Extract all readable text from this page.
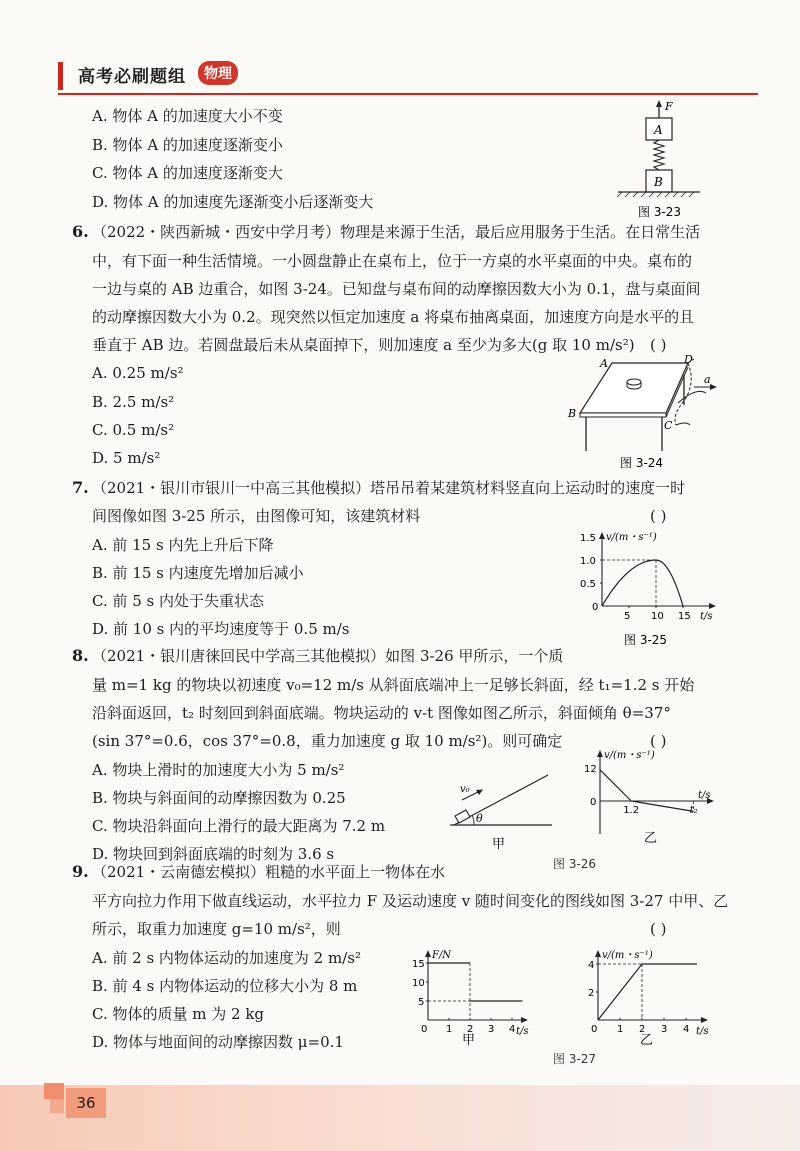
高考必刷题组	物理
A. 物体 A 的加速度大小不变
B. 物体 A 的加速度逐渐变小
C. 物体 A 的加速度逐渐变大
D. 物体 A 的加速度先逐渐变小后逐渐变大
F
A
B
图 3-23
6. （2022・陕西新城・西安中学月考）物理是来源于生活，最后应用服务于生活。在日常生活
中，有下面一种生活情境。一小圆盘静止在桌布上，位于一方桌的水平桌面的中央。桌布的
一边与桌的 AB 边重合，如图 3-24。已知盘与桌布间的动摩擦因数大小为 0.1，盘与桌面间
的动摩擦因数大小为 0.2。现突然以恒定加速度 a 将桌布抽离桌面，加速度方向是水平的且
垂直于 AB 边。若圆盘最后未从桌面掉下，则加速度 a 至少为多大(g 取 10 m/s²) ( )
A. 0.25 m/s²
B. 2.5 m/s²
C. 0.5 m/s²
D. 5 m/s²
A
B
C
D
a
图 3-24
7. （2021・银川市银川一中高三其他模拟）塔吊吊着某建筑材料竖直向上运动时的速度一时
间图像如图 3-25 所示，由图像可知，该建筑材料	( )
A. 前 15 s 内先上升后下降
B. 前 15 s 内速度先增加后减小
C. 前 5 s 内处于失重状态
D. 前 10 s 内的平均速度等于 0.5 m/s
v/(m・s⁻¹)
t/s
0
0.5
1.0
1.5
5 10 15
图 3-25
8. （2021・银川唐徕回民中学高三其他模拟）如图 3-26 甲所示，一个质
量 m=1 kg 的物块以初速度 v₀=12 m/s 从斜面底端冲上一足够长斜面，经 t₁=1.2 s 开始
沿斜面返回，t₂ 时刻回到斜面底端。物块运动的 v-t 图像如图乙所示，斜面倾角 θ=37°
(sin 37°=0.6，cos 37°=0.8，重力加速度 g 取 10 m/s²)。则可确定	( )
A. 物块上滑时的加速度大小为 5 m/s²
B. 物块与斜面间的动摩擦因数为 0.25
C. 物块沿斜面向上滑行的最大距离为 7.2 m
D. 物块回到斜面底端的时刻为 3.6 s
θ
v₀
甲
v/(m・s⁻¹)
t/s
12
0
1.2	t₂
乙
图 3-26
9. （2021・云南德宏模拟）粗糙的水平面上一物体在水
平方向拉力作用下做直线运动，水平拉力 F 及运动速度 v 随时间变化的图线如图 3-27 中甲、乙
所示，取重力加速度 g=10 m/s²，则	( )
A. 前 2 s 内物体运动的加速度为 2 m/s²
B. 前 4 s 内物体运动的位移大小为 8 m
C. 物体的质量 m 为 2 kg
D. 物体与地面间的动摩擦因数 μ=0.1
F/N
t/s
5
10
15
0 1 2 3 4
甲
v/(m・s⁻¹)
t/s
2
4
0 1 2 3 4
乙
图 3-27
36
